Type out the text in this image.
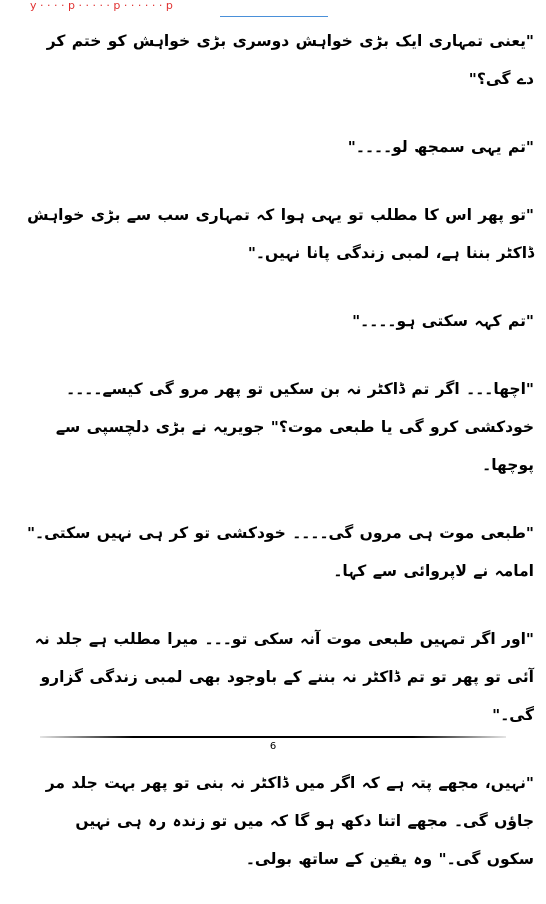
y · · · · p · · · · · p · · · · · · p

"یعنی تمہاری ایک بڑی خواہش دوسری بڑی خواہش کو ختم کر دے گی؟"

"تم یہی سمجھ لو۔۔۔۔"

"تو پھر اس کا مطلب تو یہی ہوا کہ تمہاری سب سے بڑی خواہش ڈاکٹر بننا ہے، لمبی زندگی پانا نہیں۔"

"تم کہہ سکتی ہو۔۔۔۔"

"اچھا۔۔۔ اگر تم ڈاکٹر نہ بن سکیں تو پھر مرو گی کیسے۔۔۔۔ خودکشی کرو گی یا طبعی موت؟" جویریہ نے بڑی دلچسپی سے پوچھا۔

"طبعی موت ہی مروں گی۔۔۔۔ خودکشی تو کر ہی نہیں سکتی۔" امامہ نے لاپروائی سے کہا۔

"اور اگر تمہیں طبعی موت آنہ سکی تو۔۔۔ میرا مطلب ہے جلد نہ آئی تو پھر تو تم ڈاکٹر نہ بننے کے باوجود بھی لمبی زندگی گزارو گی۔"

"نہیں، مجھے پتہ ہے کہ اگر میں ڈاکٹر نہ بنی تو پھر بہت جلد مر جاؤں گی۔ مجھے اتنا دکھ ہو گا کہ میں تو زندہ رہ ہی نہیں سکوں گی۔" وہ یقین کے ساتھ بولی۔

6
